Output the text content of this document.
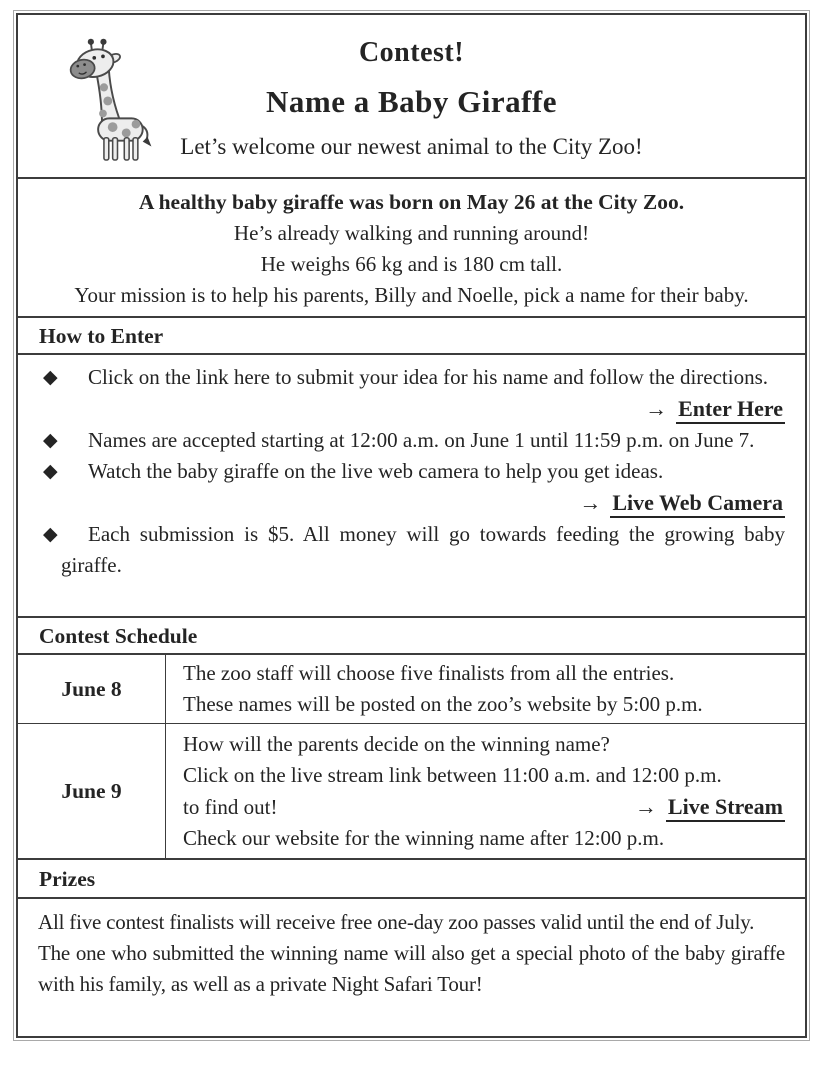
Contest!
Name a Baby Giraffe
Let’s welcome our newest animal to the City Zoo!
A healthy baby giraffe was born on May 26 at the City Zoo.
He’s already walking and running around!
He weighs 66 kg and is 180 cm tall.
Your mission is to help his parents, Billy and Noelle, pick a name for their baby.
How to Enter
◆ Click on the link here to submit your idea for his name and follow the directions.
→ Enter Here
◆ Names are accepted starting at 12:00 a.m. on June 1 until 11:59 p.m. on June 7.
◆ Watch the baby giraffe on the live web camera to help you get ideas.
→ Live Web Camera
◆ Each submission is $5. All money will go towards feeding the growing baby giraffe.
Contest Schedule
June 8
The zoo staff will choose five finalists from all the entries.
These names will be posted on the zoo’s website by 5:00 p.m.
June 9
How will the parents decide on the winning name?
Click on the live stream link between 11:00 a.m. and 12:00 p.m.
to find out!	→ Live Stream
Check our website for the winning name after 12:00 p.m.
Prizes
All five contest finalists will receive free one-day zoo passes valid until the end of July.
The one who submitted the winning name will also get a special photo of the baby giraffe with his family, as well as a private Night Safari Tour!
